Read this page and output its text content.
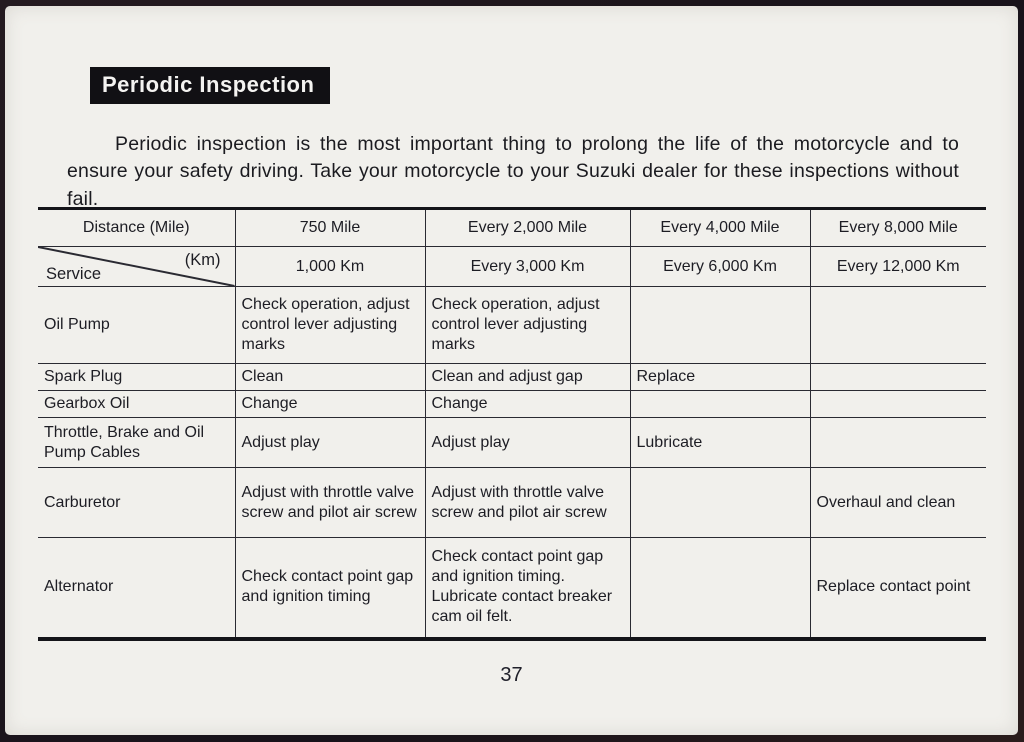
Periodic Inspection

Periodic inspection is the most important thing to prolong the life of the motorcycle and to ensure your safety driving. Take your motorcycle to your Suzuki dealer for these inspections without fail.

Distance (Mile)	750 Mile	Every 2,000 Mile	Every 4,000 Mile	Every 8,000 Mile

(Km)
Service	1,000 Km	Every 3,000 Km	Every 6,000 Km	Every 12,000 Km
Oil Pump	Check operation, adjust control lever adjusting marks	Check operation, adjust control lever adjusting marks		
Spark Plug	Clean	Clean and adjust gap	Replace	
Gearbox Oil	Change	Change		
Throttle, Brake and Oil Pump Cables	Adjust play	Adjust play	Lubricate	
Carburetor	Adjust with throttle valve screw and pilot air screw	Adjust with throttle valve screw and pilot air screw		Overhaul and clean
Alternator	Check contact point gap and ignition timing	Check contact point gap and ignition timing. Lubricate contact breaker cam oil felt.		Replace contact point
37
